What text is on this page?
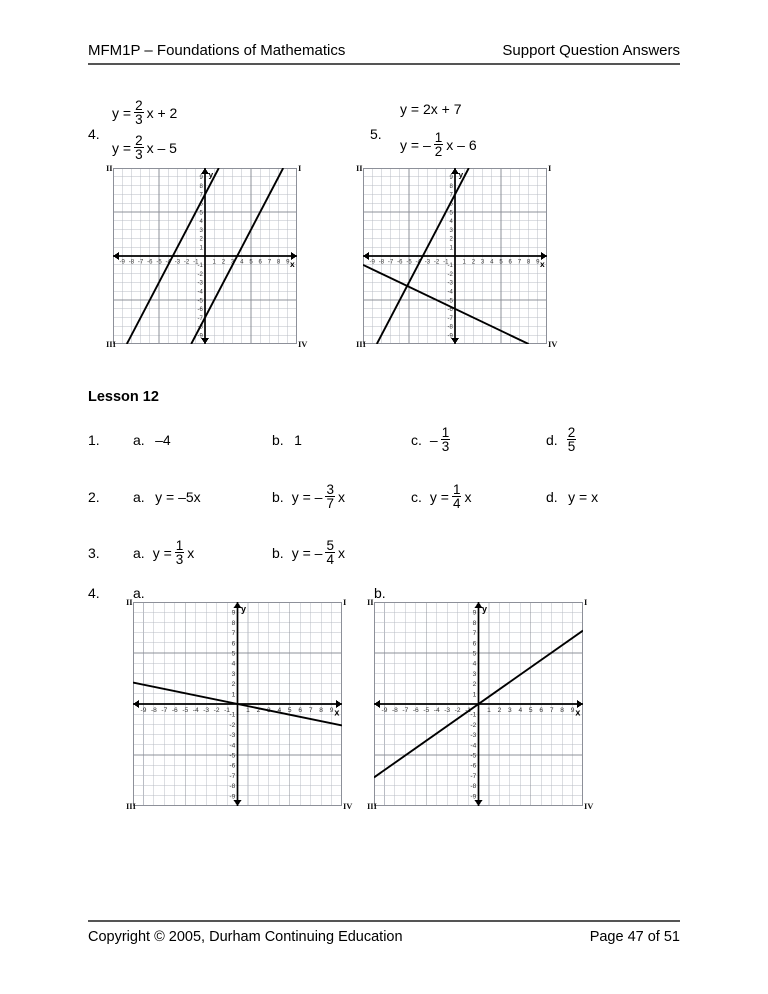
MFM1P – Foundations of Mathematics	Support Question Answers
4.
$y = \frac{2}{3}$ x + 2
$y = \frac{2}{3}$ x – 5
5.
y = 2x + 7
y = – $\frac{1}{2}$ x – 6
-9 -8 -7 -6 -5 -4 -3 -2 -1 1 2 3 4 5 6 7 8 9
-9
-8
-7
-6
-5
-4
-3
-2
-1
1
2
3
4
5
6
7
8
9 y
x
II	I
III	IV
-9 -8 -7 -6 -5 -4 -3 -2 -1 1 2 3 4 5 6 7 8 9
-9
-8
-7
-6
-5
-4
-3
-2
-1
1
2
3
4
5
6
7
8
9 y
x
II	I
III	IV
Lesson 12
1. a. –4	b. 1	c. – $\frac{1}{3}$	d. $\frac{2}{5}$
2. a. y = –5x	b. y = – $\frac{3}{7}$ x	c. $y = \frac{1}{4}$ x	d. y = x
3. a. $y = \frac{1}{3}$ x	b. y = – $\frac{5}{4}$ x
4. a.	b.
-9 -8 -7 -6 -5 -4 -3 -2 -1 1 2 3 4 5 6 7 8 9
-9
-8
-7
-6
-5
-4
-3
-2
-1
1
2
3
4
5
6
7
8
9 y
x
II	I
III	IV
-9 -8 -7 -6 -5 -4 -3 -2 -1 1 2 3 4 5 6 7 8 9
-9
-8
-7
-6
-5
-4
-3
-2
-1
1
2
3
4
5
6
7
8
9 y
x
II	I
III	IV
Copyright © 2005, Durham Continuing Education	Page 47 of 51
